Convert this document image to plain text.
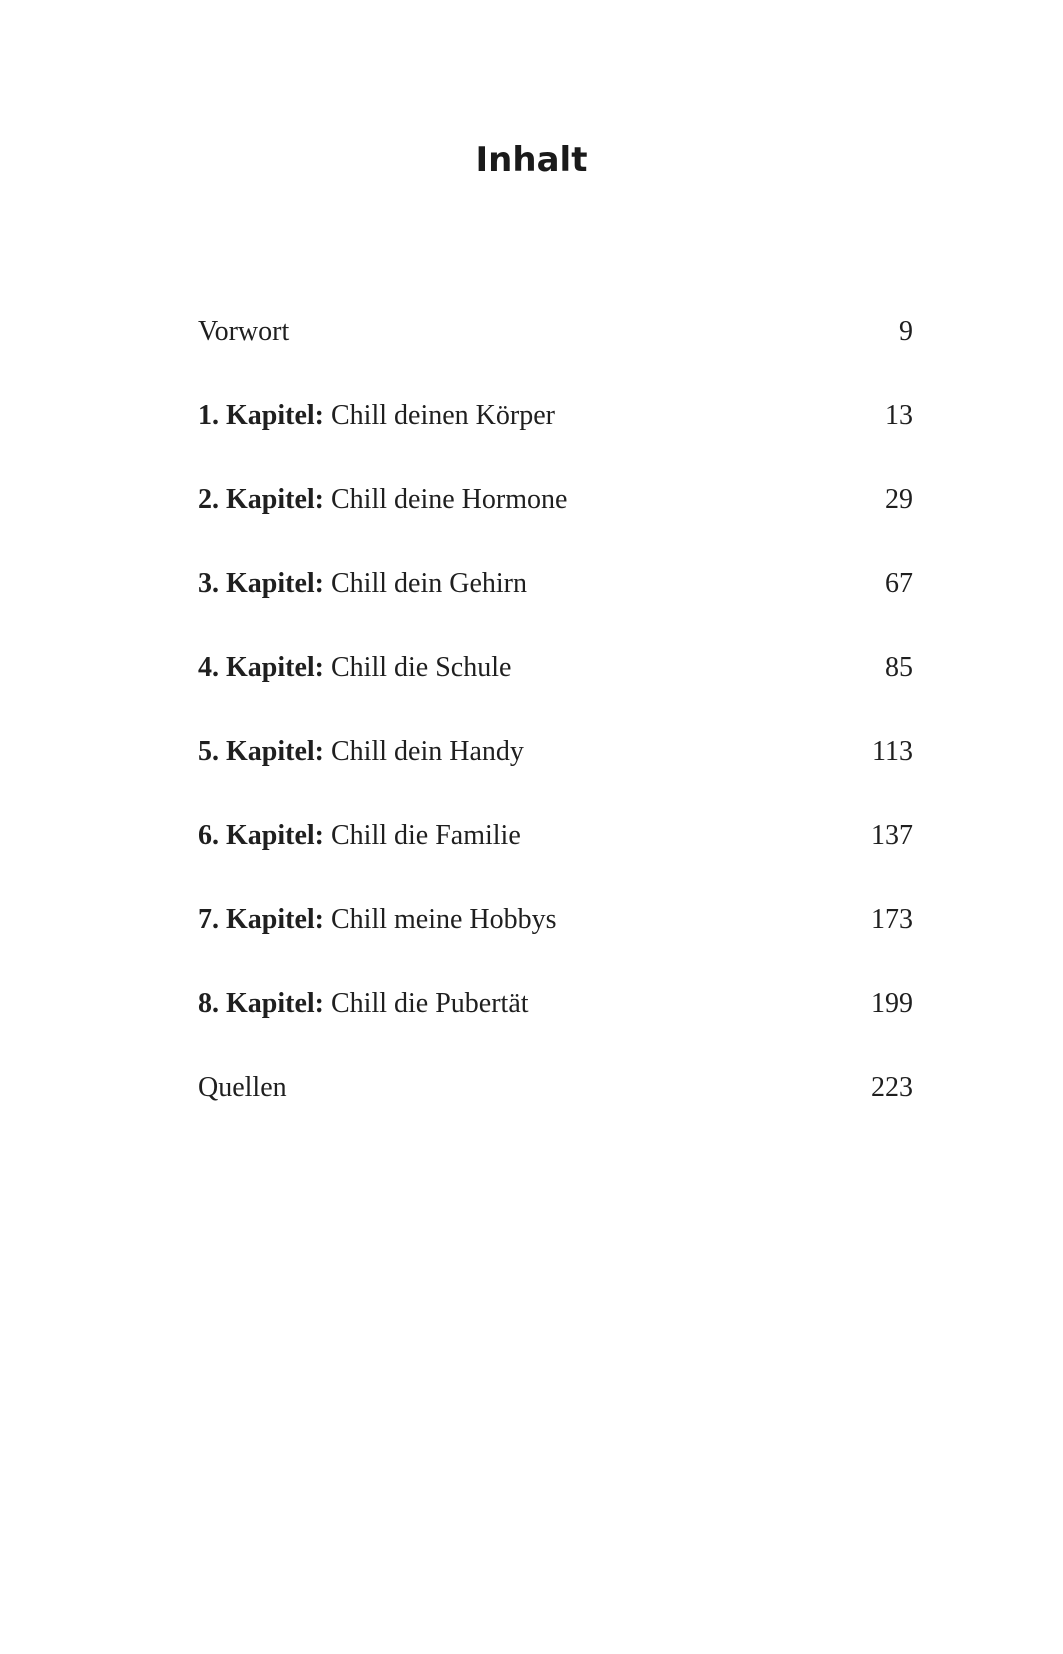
Inhalt
Vorwort	9
1. Kapitel: Chill deinen Körper	13
2. Kapitel: Chill deine Hormone	29
3. Kapitel: Chill dein Gehirn	67
4. Kapitel: Chill die Schule	85
5. Kapitel: Chill dein Handy	113
6. Kapitel: Chill die Familie	137
7. Kapitel: Chill meine Hobbys	173
8. Kapitel: Chill die Pubertät	199
Quellen	223
